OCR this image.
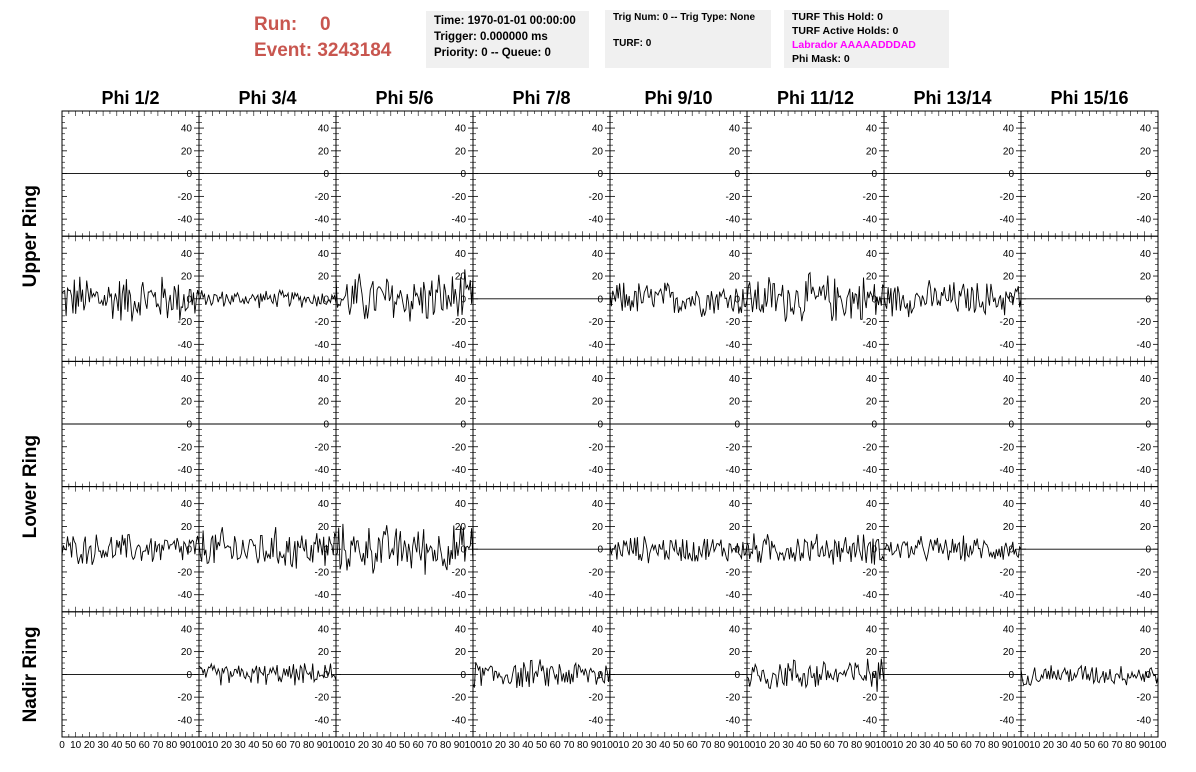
Run: 0
Event: 3243184
Time: 1970-01-01 00:00:00
Trigger: 0.000000 ms
Priority: 0 -- Queue: 0
Trig Num: 0 -- Trig Type: None
TURF: 0
TURF This Hold: 0
TURF Active Holds: 0
Labrador AAAAADDDAD
Phi Mask: 0
Phi 1/2	Phi 3/4	Phi 5/6	Phi 7/8	Phi 9/10	Phi 11/12	Phi 13/14	Phi 15/16
Upper Ring
Lower Ring
Nadir Ring
-40
-20
0
20
40
-40
-20
0
20
40
-40
-20
0
20
40
-40
-20
0
20
40
-40
-20
0
20
40
-40
-20
0
20
40
-40
-20
0
20
40
-40
-20
0
20
40
-40
-20
0
20
40
-40
-20
0
20
40
-40
-20
0
20
40
-40
-20
0
20
40
-40
-20
0
20
40
-40
-20
0
20
40
-40
-20
0
20
40
-40
-20
0
20
40
-40
-20
0
20
40
-40
-20
0
20
40
-40
-20
0
20
40
-40
-20
0
20
40
-40
-20
0
20
40
-40
-20
0
20
40
-40
-20
0
20
40
-40
-20
0
20
40
-40
-20
0
20
40
-40
-20
0
20
40
-40
-20
0
20
40
-40
-20
0
20
40
-40
-20
0
20
40
-40
-20
0
20
40
-40
-20
0
20
40
-40
-20
0
20
40
-40
-20
0
20
40
0 10 20 30 40 50 60 70 80 90 100
-40
-20
0
20
40
10 20 30 40 50 60 70 80 90 100
-40
-20
0
20
40
10 20 30 40 50 60 70 80 90 100
-40
-20
0
20
40
10 20 30 40 50 60 70 80 90 100
-40
-20
0
20
40
10 20 30 40 50 60 70 80 90 100
-40
-20
0
20
40
10 20 30 40 50 60 70 80 90 100
-40
-20
0
20
40
10 20 30 40 50 60 70 80 90 100
-40
-20
0
20
40
10 20 30 40 50 60 70 80 90 100
